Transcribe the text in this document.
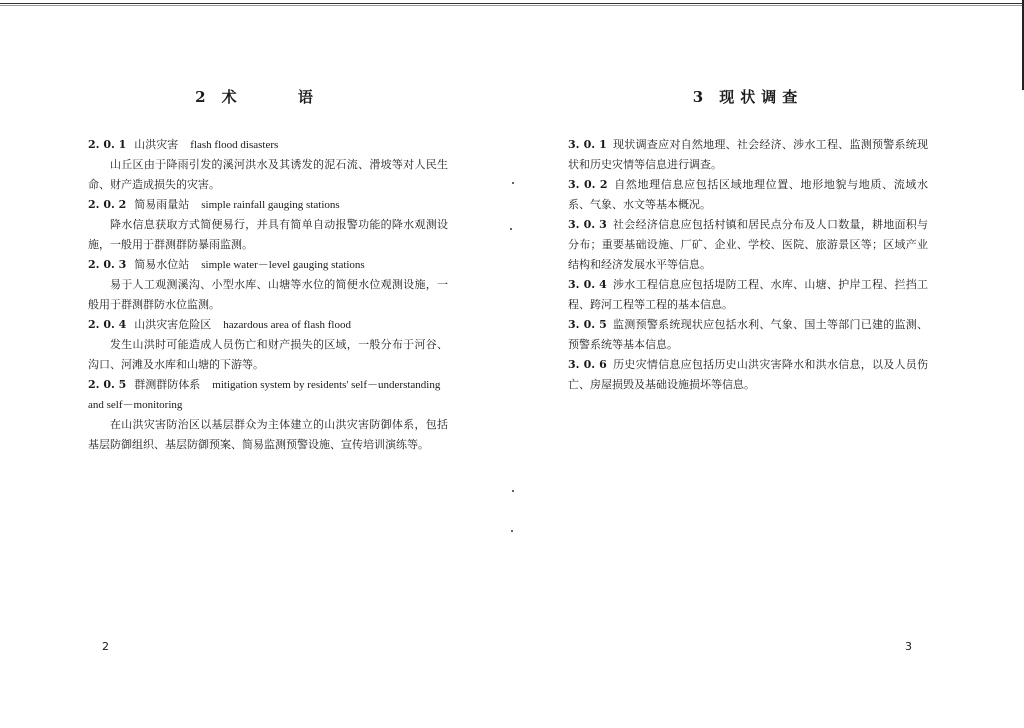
2 术 语

2. 0. 1 山洪灾害 flash flood disasters

山丘区由于降雨引发的溪河洪水及其诱发的泥石流、滑坡等对人民生命、财产造成损失的灾害。

2. 0. 2 简易雨量站 simple rainfall gauging stations

降水信息获取方式简便易行，并具有简单自动报警功能的降水观测设施，一般用于群测群防暴雨监测。

2. 0. 3 简易水位站 simple water－level gauging stations

易于人工观测溪沟、小型水库、山塘等水位的简便水位观测设施，一般用于群测群防水位监测。

2. 0. 4 山洪灾害危险区 hazardous area of flash flood

发生山洪时可能造成人员伤亡和财产损失的区域，一般分布于河谷、沟口、河滩及水库和山塘的下游等。

2. 0. 5 群测群防体系 mitigation system by residents' self－understanding and self－monitoring

在山洪灾害防治区以基层群众为主体建立的山洪灾害防御体系，包括基层防御组织、基层防御预案、简易监测预警设施、宣传培训演练等。

2
3 现状调查

3. 0. 1 现状调查应对自然地理、社会经济、涉水工程、监测预警系统现状和历史灾情等信息进行调查。

3. 0. 2 自然地理信息应包括区域地理位置、地形地貌与地质、流域水系、气象、水文等基本概况。

3. 0. 3 社会经济信息应包括村镇和居民点分布及人口数量，耕地面积与分布；重要基础设施、厂矿、企业、学校、医院、旅游景区等；区域产业结构和经济发展水平等信息。

3. 0. 4 涉水工程信息应包括堤防工程、水库、山塘、护岸工程、拦挡工程、跨河工程等工程的基本信息。

3. 0. 5 监测预警系统现状应包括水利、气象、国土等部门已建的监测、预警系统等基本信息。

3. 0. 6 历史灾情信息应包括历史山洪灾害降水和洪水信息，以及人员伤亡、房屋损毁及基础设施损坏等信息。

3
